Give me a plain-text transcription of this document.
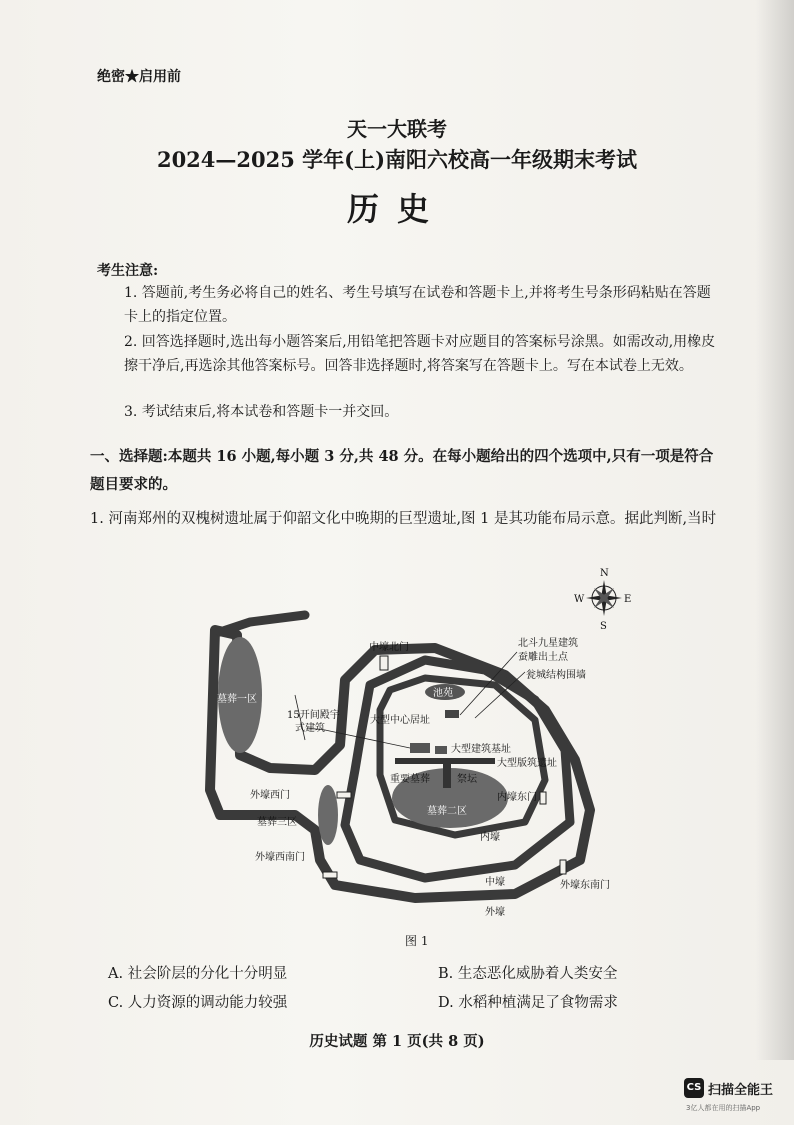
绝密★启用前
天一大联考
2024—2025 学年(上)南阳六校高一年级期末考试
历史
考生注意:
1. 答题前,考生务必将自己的姓名、考生号填写在试卷和答题卡上,并将考生号条形码粘贴在答题卡上的指定位置。
2. 回答选择题时,选出每小题答案后,用铅笔把答题卡对应题目的答案标号涂黑。如需改动,用橡皮擦干净后,再选涂其他答案标号。回答非选择题时,将答案写在答题卡上。写在本试卷上无效。
3. 考试结束后,将本试卷和答题卡一并交回。
一、选择题:本题共 16 小题,每小题 3 分,共 48 分。在每小题给出的四个选项中,只有一项是符合题目要求的。
1. 河南郑州的双槐树遗址属于仰韶文化中晚期的巨型遗址,图 1 是其功能布局示意。据此判断,当时
N
S
E
W
中壕北门	北斗九星建筑
蚕雕出土点
瓮城结构围墙
池苑
15开间殿宇
式建筑
大型中心居址
大型建筑基址
大型版筑遗址
重要墓葬	祭坛
墓葬一区
墓葬二区
墓葬三区
外壕西门
外壕西南门
内壕东门
内壕
中壕
外壕
外壕东南门
图 1
A. 社会阶层的分化十分明显	B. 生态恶化威胁着人类安全
C. 人力资源的调动能力较强	D. 水稻种植满足了食物需求
历史试题 第 1 页(共 8 页)
CS 扫描全能王
3亿人都在用的扫描App
